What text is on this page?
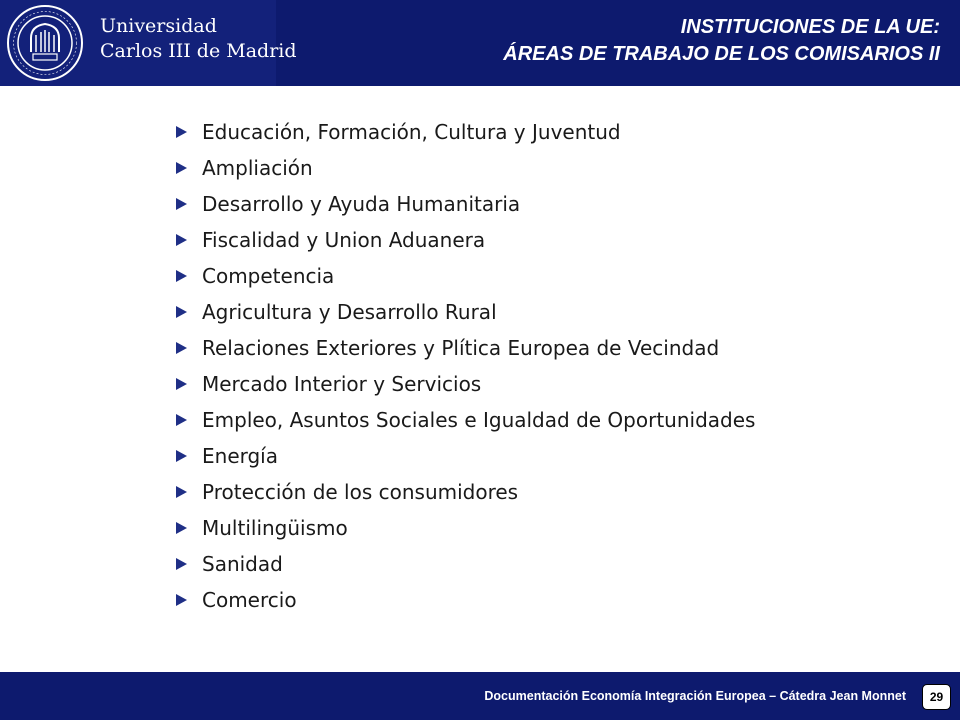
Universidad
Carlos III de Madrid
INSTITUCIONES DE LA UE:
ÁREAS DE TRABAJO DE LOS COMISARIOS II
Educación, Formación, Cultura y Juventud
Ampliación
Desarrollo y Ayuda Humanitaria
Fiscalidad y Union Aduanera
Competencia
Agricultura y Desarrollo Rural
Relaciones Exteriores y Plítica Europea de Vecindad
Mercado Interior y Servicios
Empleo, Asuntos Sociales e Igualdad de Oportunidades
Energía
Protección de los consumidores
Multilingüismo
Sanidad
Comercio
Documentación Economía Integración Europea – Cátedra Jean Monnet	29
